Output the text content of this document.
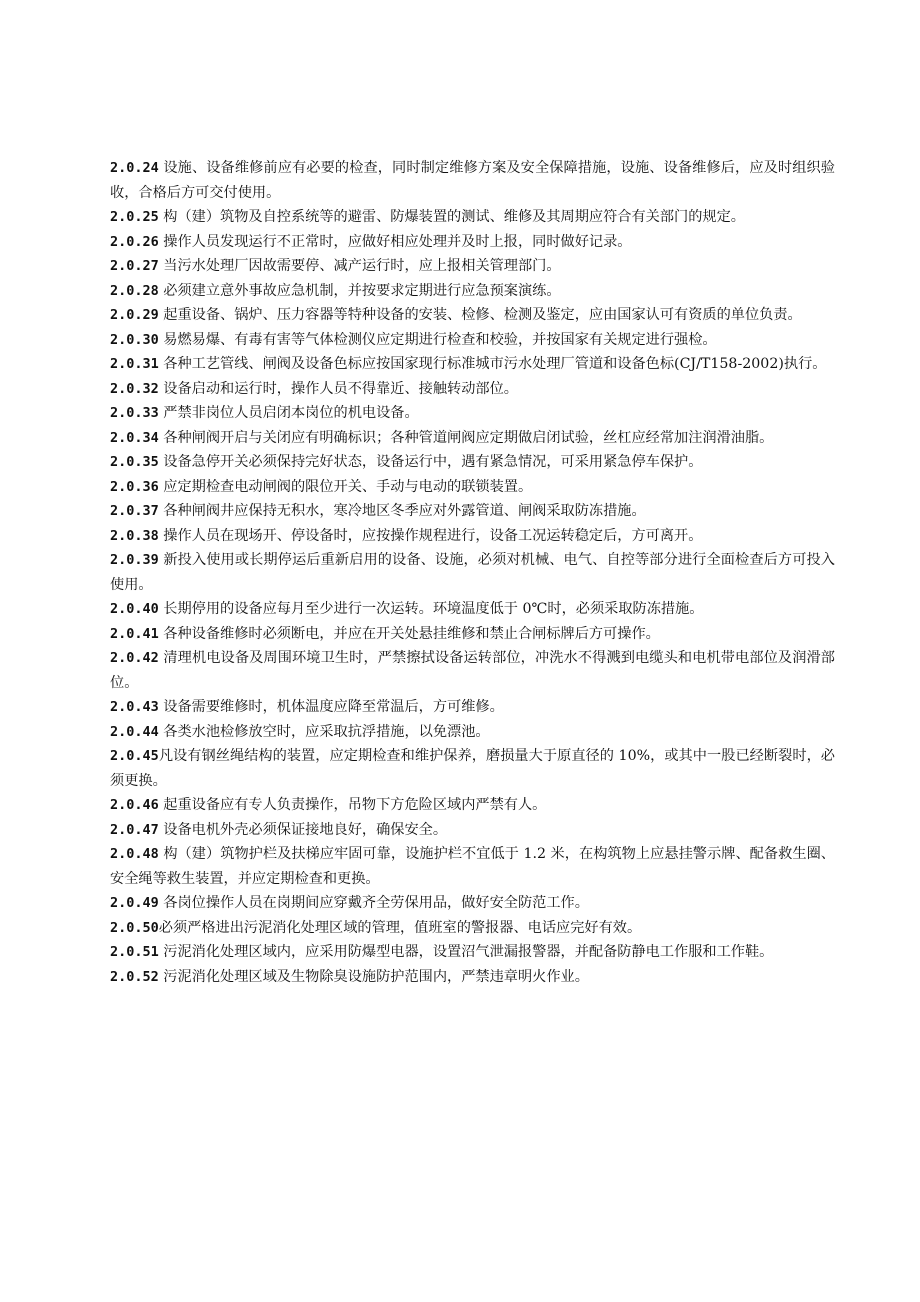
2.0.24 设施、设备维修前应有必要的检查，同时制定维修方案及安全保障措施，设施、设备维修后，应及时组织验收，合格后方可交付使用。

2.0.25 构（建）筑物及自控系统等的避雷、防爆装置的测试、维修及其周期应符合有关部门的规定。

2.0.26 操作人员发现运行不正常时，应做好相应处理并及时上报，同时做好记录。

2.0.27 当污水处理厂因故需要停、减产运行时，应上报相关管理部门。

2.0.28 必须建立意外事故应急机制，并按要求定期进行应急预案演练。

2.0.29 起重设备、锅炉、压力容器等特种设备的安装、检修、检测及鉴定，应由国家认可有资质的单位负责。

2.0.30 易燃易爆、有毒有害等气体检测仪应定期进行检查和校验，并按国家有关规定进行强检。

2.0.31 各种工艺管线、闸阀及设备色标应按国家现行标准城市污水处理厂管道和设备色标(CJ/T158-2002)执行。

2.0.32 设备启动和运行时，操作人员不得靠近、接触转动部位。

2.0.33 严禁非岗位人员启闭本岗位的机电设备。

2.0.34 各种闸阀开启与关闭应有明确标识；各种管道闸阀应定期做启闭试验，丝杠应经常加注润滑油脂。

2.0.35 设备急停开关必须保持完好状态，设备运行中，遇有紧急情况，可采用紧急停车保护。

2.0.36 应定期检查电动闸阀的限位开关、手动与电动的联锁装置。

2.0.37 各种闸阀井应保持无积水，寒冷地区冬季应对外露管道、闸阀采取防冻措施。

2.0.38 操作人员在现场开、停设备时，应按操作规程进行，设备工况运转稳定后，方可离开。

2.0.39 新投入使用或长期停运后重新启用的设备、设施，必须对机械、电气、自控等部分进行全面检查后方可投入使用。

2.0.40 长期停用的设备应每月至少进行一次运转。环境温度低于 0℃时，必须采取防冻措施。

2.0.41 各种设备维修时必须断电，并应在开关处悬挂维修和禁止合闸标牌后方可操作。

2.0.42 清理机电设备及周围环境卫生时，严禁擦拭设备运转部位，冲洗水不得溅到电缆头和电机带电部位及润滑部位。

2.0.43 设备需要维修时，机体温度应降至常温后，方可维修。

2.0.44 各类水池检修放空时，应采取抗浮措施，以免漂池。

2.0.45凡设有钢丝绳结构的装置，应定期检查和维护保养，磨损量大于原直径的 10%，或其中一股已经断裂时，必须更换。

2.0.46 起重设备应有专人负责操作，吊物下方危险区域内严禁有人。

2.0.47 设备电机外壳必须保证接地良好，确保安全。

2.0.48 构（建）筑物护栏及扶梯应牢固可靠，设施护栏不宜低于 1.2 米，在构筑物上应悬挂警示牌、配备救生圈、安全绳等救生装置，并应定期检查和更换。

2.0.49 各岗位操作人员在岗期间应穿戴齐全劳保用品，做好安全防范工作。

2.0.50必须严格进出污泥消化处理区域的管理，值班室的警报器、电话应完好有效。

2.0.51 污泥消化处理区域内，应采用防爆型电器，设置沼气泄漏报警器，并配备防静电工作服和工作鞋。

2.0.52 污泥消化处理区域及生物除臭设施防护范围内，严禁违章明火作业。
